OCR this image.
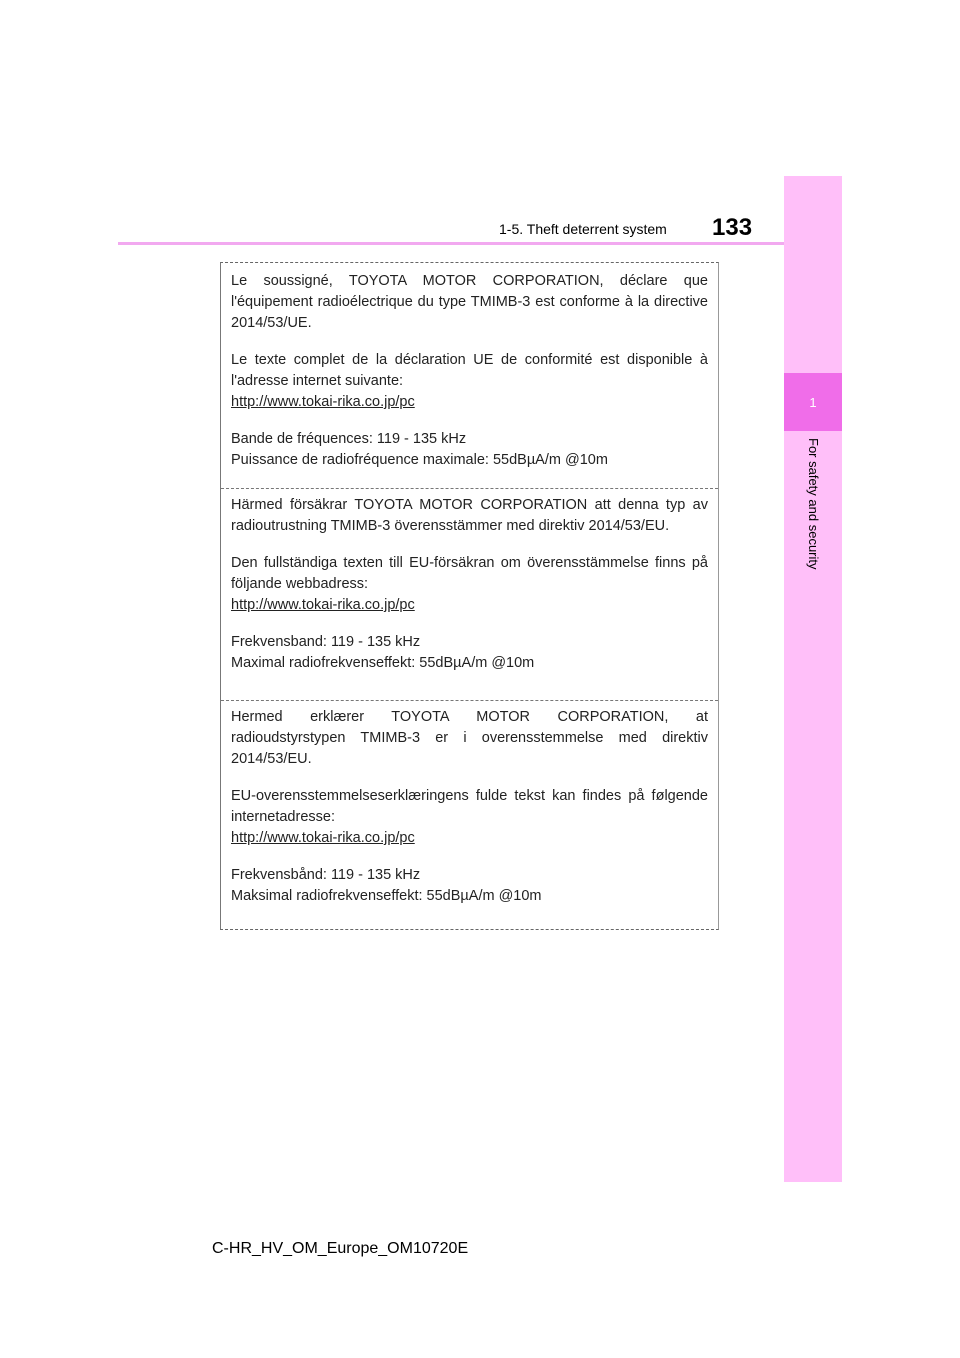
1
For safety and security
1-5. Theft deterrent system 133

Le soussigné, TOYOTA MOTOR CORPORATION, déclare que l'équipement radioélectrique du type TMIMB-3 est conforme à la directive 2014/53/UE.

Le texte complet de la déclaration UE de conformité est disponible à l'adresse internet suivante:

http://www.tokai-rika.co.jp/pc

Bande de fréquences: 119 - 135 kHz

Puissance de radiofréquence maximale: 55dBµA/m @10m

Härmed försäkrar TOYOTA MOTOR CORPORATION att denna typ av radioutrustning TMIMB-3 överensstämmer med direktiv 2014/53/EU.

Den fullständiga texten till EU-försäkran om överensstämmelse finns på följande webbadress:

http://www.tokai-rika.co.jp/pc

Frekvensband: 119 - 135 kHz

Maximal radiofrekvenseffekt: 55dBµA/m @10m

Hermed erklærer TOYOTA MOTOR CORPORATION, at radioudstyrstypen TMIMB-3 er i overensstemmelse med direktiv 2014/53/EU.

EU-overensstemmelseserklæringens fulde tekst kan findes på følgende internetadresse:

http://www.tokai-rika.co.jp/pc

Frekvensbånd: 119 - 135 kHz

Maksimal radiofrekvenseffekt: 55dBµA/m @10m

C-HR_HV_OM_Europe_OM10720E
